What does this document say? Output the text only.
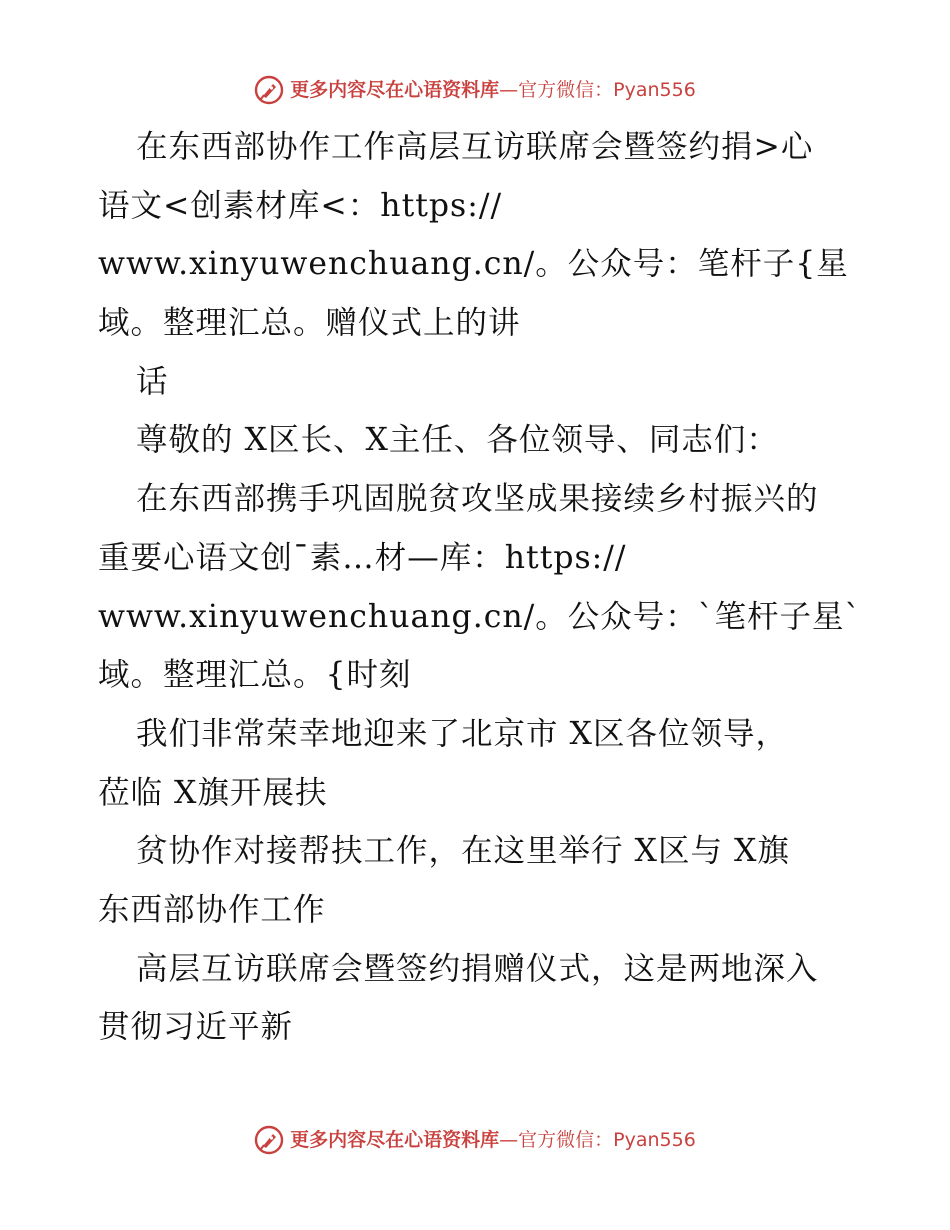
更多内容尽在心语资料库 —官方微信：Pyan556
在东西部协作工作高层互访联席会暨签约捐>心
语文<创素材库<：https://
www.xinyuwenchuang.cn/。公众号：笔杆子{星
域。整理汇总。赠仪式上的讲
话
尊敬的 X区长、X主任、各位领导、同志们：
在东西部携手巩固脱贫攻坚成果接续乡村振兴的
重要心语文创¯素…材—库：https://
www.xinyuwenchuang.cn/。公众号：`笔杆子星`
域。整理汇总。{时刻
我们非常荣幸地迎来了北京市 X区各位领导，
莅临 X旗开展扶
贫协作对接帮扶工作，在这里举行 X区与 X旗
东西部协作工作
高层互访联席会暨签约捐赠仪式，这是两地深入
贯彻习近平新
更多内容尽在心语资料库 —官方微信：Pyan556
